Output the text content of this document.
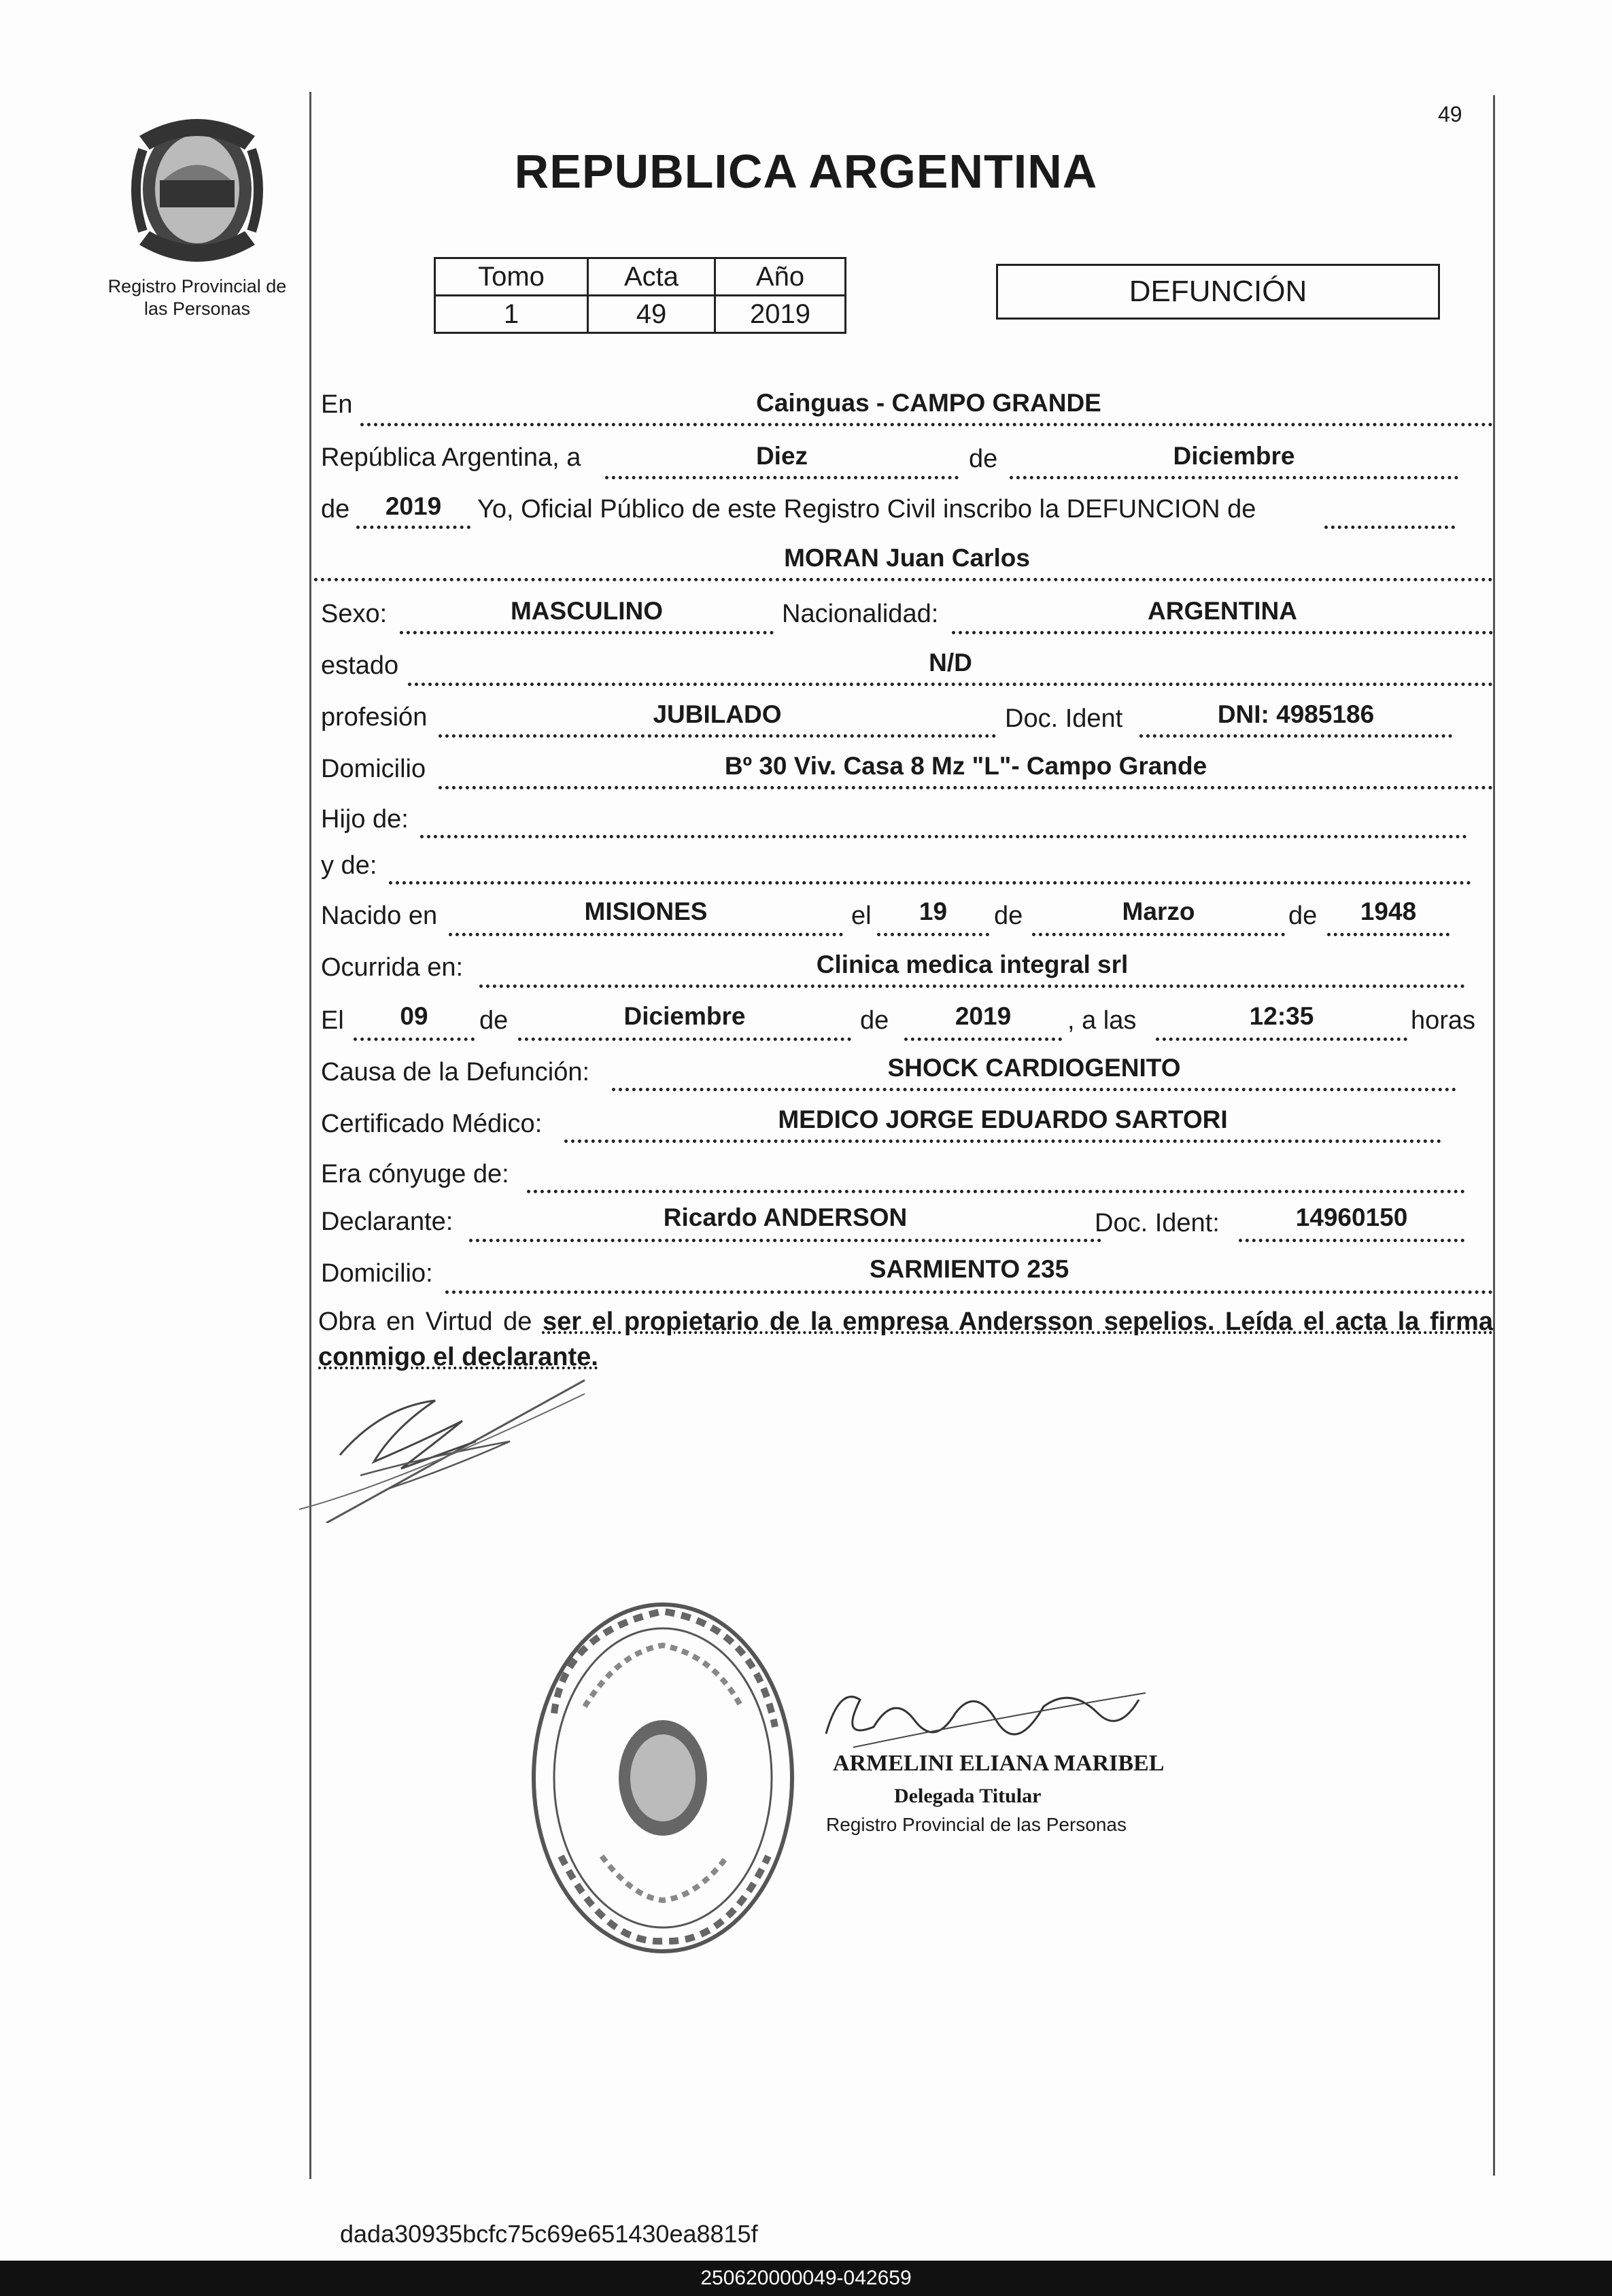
Registro Provincial de las Personas
REPUBLICA ARGENTINA
49
Tomo	Acta	Año
1	49	2019
DEFUNCIÓN
En	Cainguas - CAMPO GRANDE
República Argentina, a	Diez	de	Diciembre
de	2019	Yo, Oficial Público de este Registro Civil inscribo la DEFUNCION de
MORAN Juan Carlos
Sexo:	MASCULINO	Nacionalidad:	ARGENTINA
estado	N/D
profesión	JUBILADO	Doc. Ident	DNI: 4985186
Domicilio	Bº 30 Viv. Casa 8 Mz "L"- Campo Grande
Hijo de:
y de:
Nacido en	MISIONES	el	19	de	Marzo	de	1948
Ocurrida en:	Clinica medica integral srl
El	09	de	Diciembre	de	2019	, a las	12:35	horas
Causa de la Defunción:	SHOCK CARDIOGENITO
Certificado Médico:	MEDICO JORGE EDUARDO SARTORI
Era cónyuge de:
Declarante:	Ricardo ANDERSON	Doc. Ident:	14960150
Domicilio:	SARMIENTO 235
Obra en Virtud de ser el propietario de la empresa Andersson sepelios. Leída el acta la firma conmigo el declarante.
ARMELINI ELIANA MARIBEL
Delegada Titular
Registro Provincial de las Personas
dada30935bcfc75c69e651430ea8815f
250620000049-042659
